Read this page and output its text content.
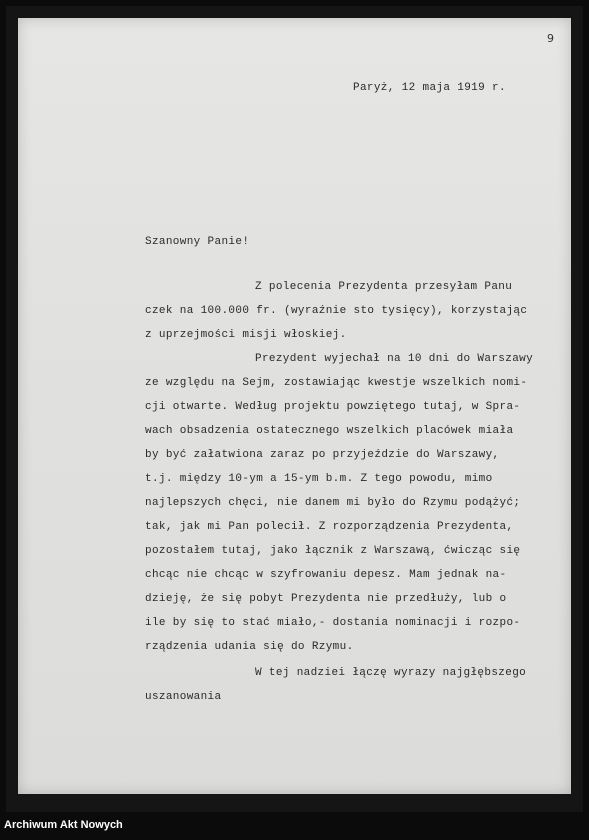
9
Paryż, 12 maja 1919 r.
Szanowny Panie!
Z polecenia Prezydenta przesyłam Panu
czek na 100.000 fr. (wyraźnie sto tysięcy), korzystając
z uprzejmości misji włoskiej.
Prezydent wyjechał na 10 dni do Warszawy
ze względu na Sejm, zostawiając kwestje wszelkich nomi-
cji otwarte. Według projektu powziętego tutaj, w Spra-
wach obsadzenia ostatecznego wszelkich placówek miała
by być załatwiona zaraz po przyjeździe do Warszawy,
t.j. między 10-ym a 15-ym b.m. Z tego powodu, mimo
najlepszych chęci, nie danem mi było do Rzymu podążyć;
tak, jak mi Pan polecił. Z rozporządzenia Prezydenta,
pozostałem tutaj, jako łącznik z Warszawą, ćwicząc się
chcąc nie chcąc w szyfrowaniu depesz. Mam jednak na-
dzieję, że się pobyt Prezydenta nie przedłuży, lub o
ile by się to stać miało,- dostania nominacji i rozpo-
rządzenia udania się do Rzymu.
W tej nadziei łączę wyrazy najgłębszego
uszanowania
Archiwum Akt Nowych
